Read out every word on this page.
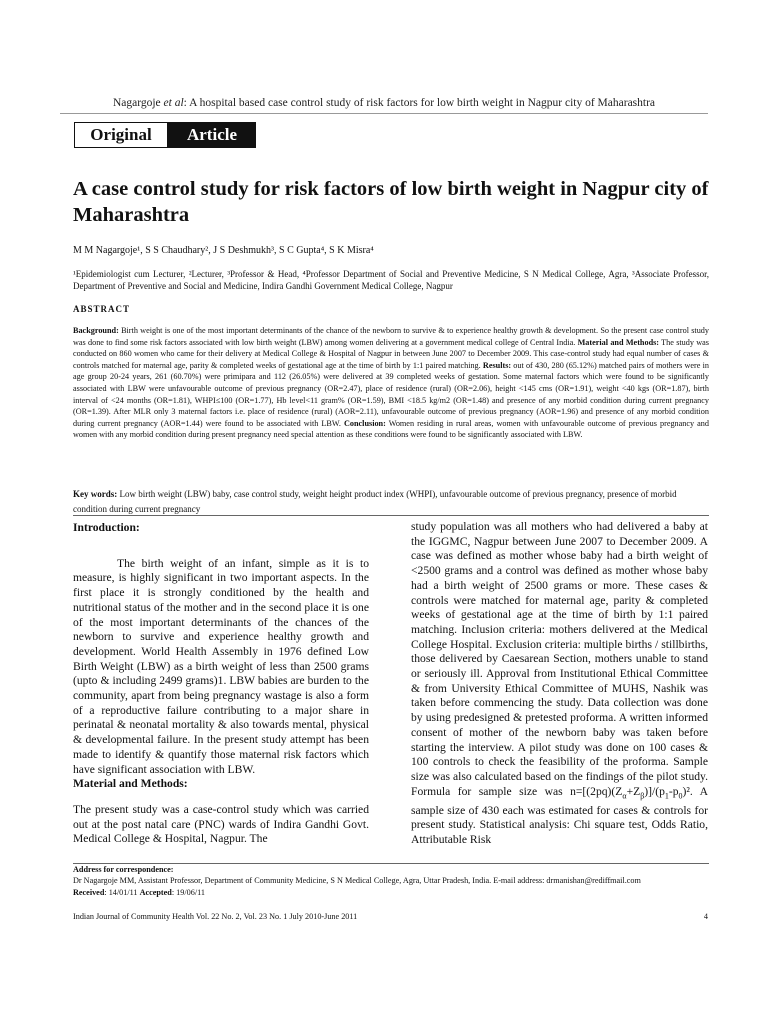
Nagargoje et al: A hospital based case control study of risk factors for low birth weight in Nagpur city of Maharashtra
Original	Article
A case control study for risk factors of low birth weight in Nagpur city of Maharashtra
M M Nagargoje¹, S S Chaudhary², J S Deshmukh³, S C Gupta⁴, S K Misra⁴
¹Epidemiologist cum Lecturer, ²Lecturer, ³Professor & Head, ⁴Professor Department of Social and Preventive Medicine, S N Medical College, Agra, ³Associate Professor, Department of Preventive and Social and Medicine, Indira Gandhi Government Medical College, Nagpur
ABSTRACT
Background: Birth weight is one of the most important determinants of the chance of the newborn to survive & to experience healthy growth & development. So the present case control study was done to find some risk factors associated with low birth weight (LBW) among women delivering at a government medical college of Central India. Material and Methods: The study was conducted on 860 women who came for their delivery at Medical College & Hospital of Nagpur in between June 2007 to December 2009. This case-control study had equal number of cases & controls matched for maternal age, parity & completed weeks of gestational age at the time of birth by 1:1 paired matching. Results: out of 430, 280 (65.12%) matched pairs of mothers were in age group 20-24 years, 261 (60.70%) were primipara and 112 (26.05%) were delivered at 39 completed weeks of gestation. Some maternal factors which were found to be significantly associated with LBW were unfavourable outcome of previous pregnancy (OR=2.47), place of residence (rural) (OR=2.06), height <145 cms (OR=1.91), weight <40 kgs (OR=1.87), birth interval of <24 months (OR=1.81), WHPI≤100 (OR=1.77), Hb level<11 gram% (OR=1.59), BMI <18.5 kg/m2 (OR=1.48) and presence of any morbid condition during current pregnancy (OR=1.39). After MLR only 3 maternal factors i.e. place of residence (rural) (AOR=2.11), unfavourable outcome of previous pregnancy (AOR=1.96) and presence of any morbid condition during current pregnancy (AOR=1.44) were found to be associated with LBW. Conclusion: Women residing in rural areas, women with unfavourable outcome of previous pregnancy and women with any morbid condition during present pregnancy need special attention as these conditions were found to be significantly associated with LBW.
Key words: Low birth weight (LBW) baby, case control study, weight height product index (WHPI), unfavourable outcome of previous pregnancy, presence of morbid condition during current pregnancy
Introduction:

The birth weight of an infant, simple as it is to measure, is highly significant in two important aspects. In the first place it is strongly conditioned by the health and nutritional status of the mother and in the second place it is one of the most important determinants of the chances of the newborn to survive and experience healthy growth and development. World Health Assembly in 1976 defined Low Birth Weight (LBW) as a birth weight of less than 2500 grams (upto & including 2499 grams)1. LBW babies are burden to the community, apart from being pregnancy wastage is also a form of a reproductive failure contributing to a major share in perinatal & neonatal mortality & also towards mental, physical & developmental failure. In the present study attempt has been made to identify & quantify those maternal risk factors which have significant association with LBW.

Material and Methods:

The present study was a case-control study which was carried out at the post natal care (PNC) wards of Indira Gandhi Govt. Medical College & Hospital, Nagpur. The

study population was all mothers who had delivered a baby at the IGGMC, Nagpur between June 2007 to December 2009. A case was defined as mother whose baby had a birth weight of <2500 grams and a control was defined as mother whose baby had a birth weight of 2500 grams or more. These cases & controls were matched for maternal age, parity & completed weeks of gestational age at the time of birth by 1:1 paired matching. Inclusion criteria: mothers delivered at the Medical College Hospital. Exclusion criteria: multiple births / stillbirths, those delivered by Caesarean Section, mothers unable to stand or seriously ill. Approval from Institutional Ethical Committee & from University Ethical Committee of MUHS, Nashik was taken before commencing the study. Data collection was done by using predesigned & pretested proforma. A written informed consent of mother of the newborn baby was taken before starting the interview. A pilot study was done on 100 cases & 100 controls to check the feasibility of the proforma. Sample size was also calculated based on the findings of the pilot study. Formula for sample size was $n=[(2pq)(Z_\alpha+Z_\beta)]/(p_1-p_0)^2$. A sample size of 430 each was estimated for cases & controls for present study. Statistical analysis: Chi square test, Odds Ratio, Attributable Risk

Address for correspondence:
Dr Nagargoje MM, Assistant Professor, Department of Community Medicine, S N Medical College, Agra, Uttar Pradesh, India. E-mail address: drmanishan@rediffmail.com
Received: 14/01/11 Accepted: 19/06/11
Indian Journal of Community Health Vol. 22 No. 2, Vol. 23 No. 1 July 2010-June 2011	4
